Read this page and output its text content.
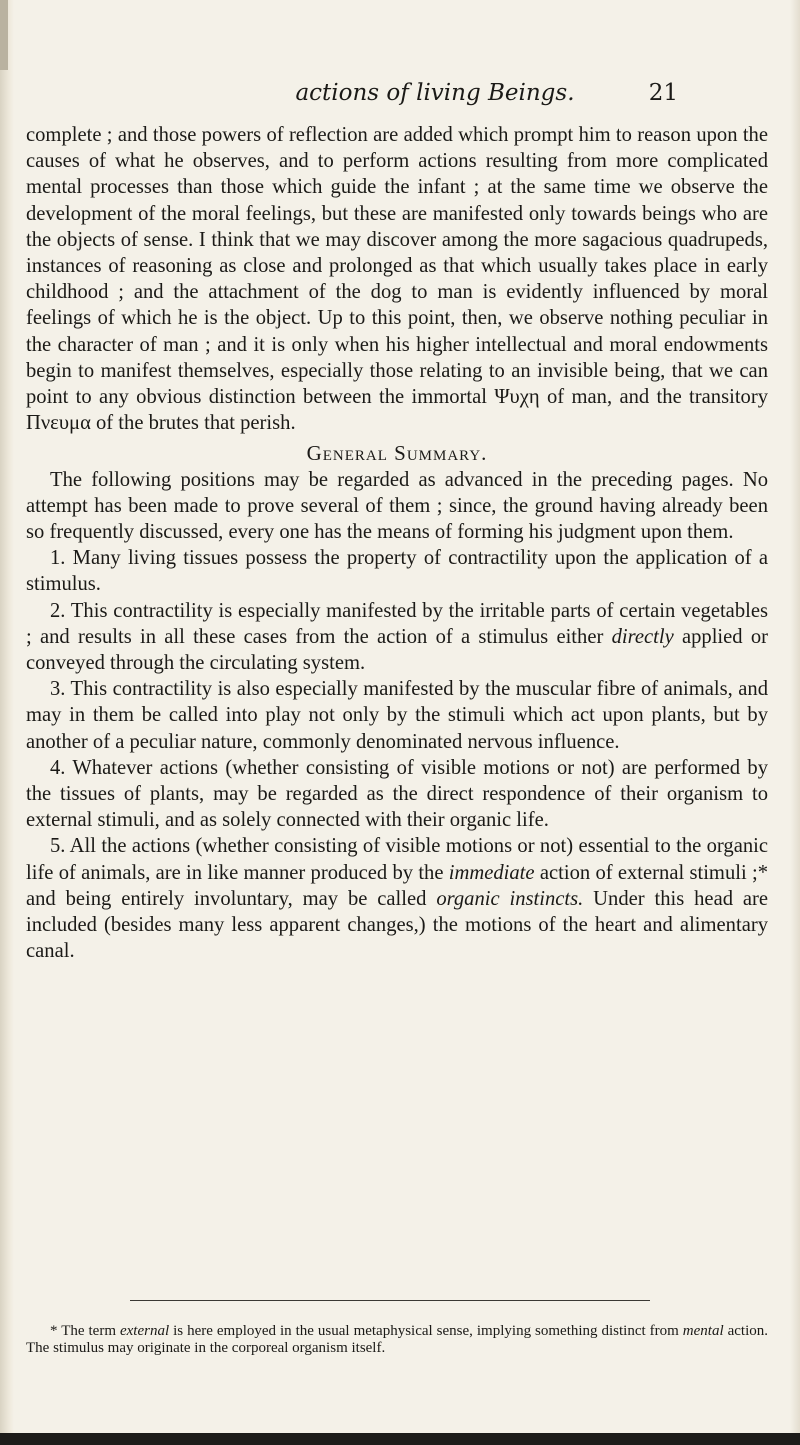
actions of living Beings.	21

complete ; and those powers of reflection are added which prompt him to reason upon the causes of what he observes, and to perform actions resulting from more complicated mental processes than those which guide the infant ; at the same time we observe the development of the moral feelings, but these are manifested only towards beings who are the objects of sense. I think that we may discover among the more sagacious quadrupeds, instances of reasoning as close and prolonged as that which usually takes place in early childhood ; and the attachment of the dog to man is evidently influenced by moral feelings of which he is the object. Up to this point, then, we observe nothing peculiar in the character of man ; and it is only when his higher intellectual and moral endowments begin to manifest themselves, especially those relating to an invisible being, that we can point to any obvious distinction between the immortal Ψυχη of man, and the transitory Πνευμα of the brutes that perish.

General Summary.

The following positions may be regarded as advanced in the preceding pages. No attempt has been made to prove several of them ; since, the ground having already been so frequently discussed, every one has the means of forming his judgment upon them.

1. Many living tissues possess the property of contractility upon the application of a stimulus.

2. This contractility is especially manifested by the irritable parts of certain vegetables ; and results in all these cases from the action of a stimulus either directly applied or conveyed through the circulating system.

3. This contractility is also especially manifested by the muscular fibre of animals, and may in them be called into play not only by the stimuli which act upon plants, but by another of a peculiar nature, commonly denominated nervous influence.

4. Whatever actions (whether consisting of visible motions or not) are performed by the tissues of plants, may be regarded as the direct respondence of their organism to external stimuli, and as solely connected with their organic life.

5. All the actions (whether consisting of visible motions or not) essential to the organic life of animals, are in like manner produced by the immediate action of external stimuli ;* and being entirely involuntary, may be called organic instincts. Under this head are included (besides many less apparent changes,) the motions of the heart and alimentary canal.

* The term external is here employed in the usual metaphysical sense, implying something distinct from mental action. The stimulus may originate in the corporeal organism itself.
